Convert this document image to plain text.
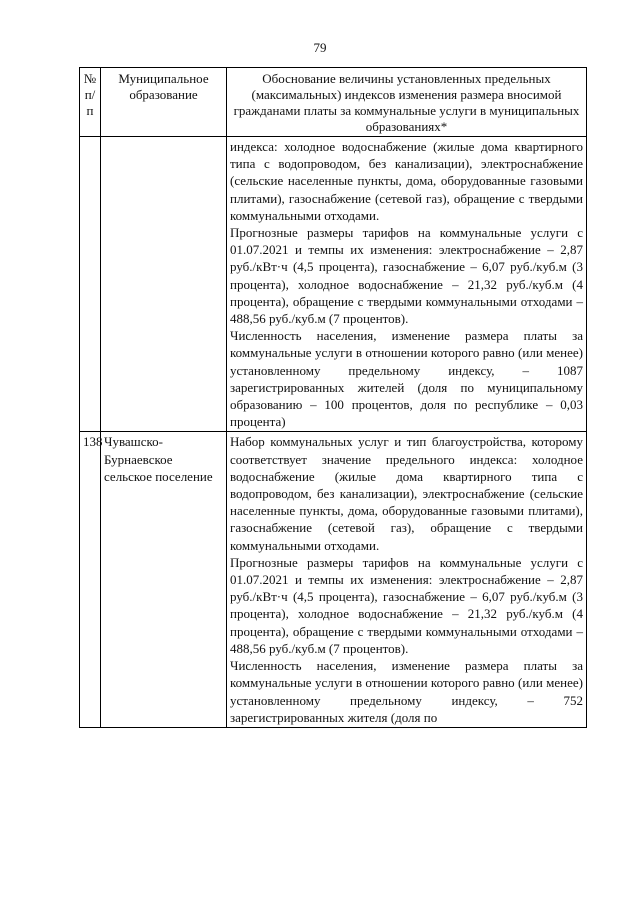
79
№
п/п	Муниципальное образование	Обоснование величины установленных предельных (максимальных) индексов изменения размера вносимой гражданами платы за коммунальные услуги в муниципальных образованиях*

		индекса: холодное водоснабжение (жилые дома квартирного типа с водопроводом, без канализации), электроснабжение (сельские населенные пункты, дома, оборудованные газовыми плитами), газоснабжение (сетевой газ), обращение с твердыми коммунальными отходами.

Прогнозные размеры тарифов на коммунальные услуги с 01.07.2021 и темпы их изменения: электроснабжение – 2,87 руб./кВт·ч (4,5 процента), газоснабжение – 6,07 руб./куб.м (3 процента), холодное водоснабжение – 21,32 руб./куб.м (4 процента), обращение с твердыми коммунальными отходами – 488,56 руб./куб.м (7 процентов).

Численность населения, изменение размера платы за коммунальные услуги в отношении которого равно (или менее) установленному предельному индексу, – 1087 зарегистрированных жителей (доля по муниципальному образованию – 100 процентов, доля по республике – 0,03 процента)

138	Чувашско-Бурнаевское сельское поселение	Набор коммунальных услуг и тип благоустройства, которому соответствует значение предельного индекса: холодное водоснабжение (жилые дома квартирного типа с водопроводом, без канализации), электроснабжение (сельские населенные пункты, дома, оборудованные газовыми плитами), газоснабжение (сетевой газ), обращение с твердыми коммунальными отходами.

Прогнозные размеры тарифов на коммунальные услуги с 01.07.2021 и темпы их изменения: электроснабжение – 2,87 руб./кВт·ч (4,5 процента), газоснабжение – 6,07 руб./куб.м (3 процента), холодное водоснабжение – 21,32 руб./куб.м (4 процента), обращение с твердыми коммунальными отходами – 488,56 руб./куб.м (7 процентов).

Численность населения, изменение размера платы за коммунальные услуги в отношении которого равно (или менее) установленному предельному индексу, – 752 зарегистрированных жителя (доля по
